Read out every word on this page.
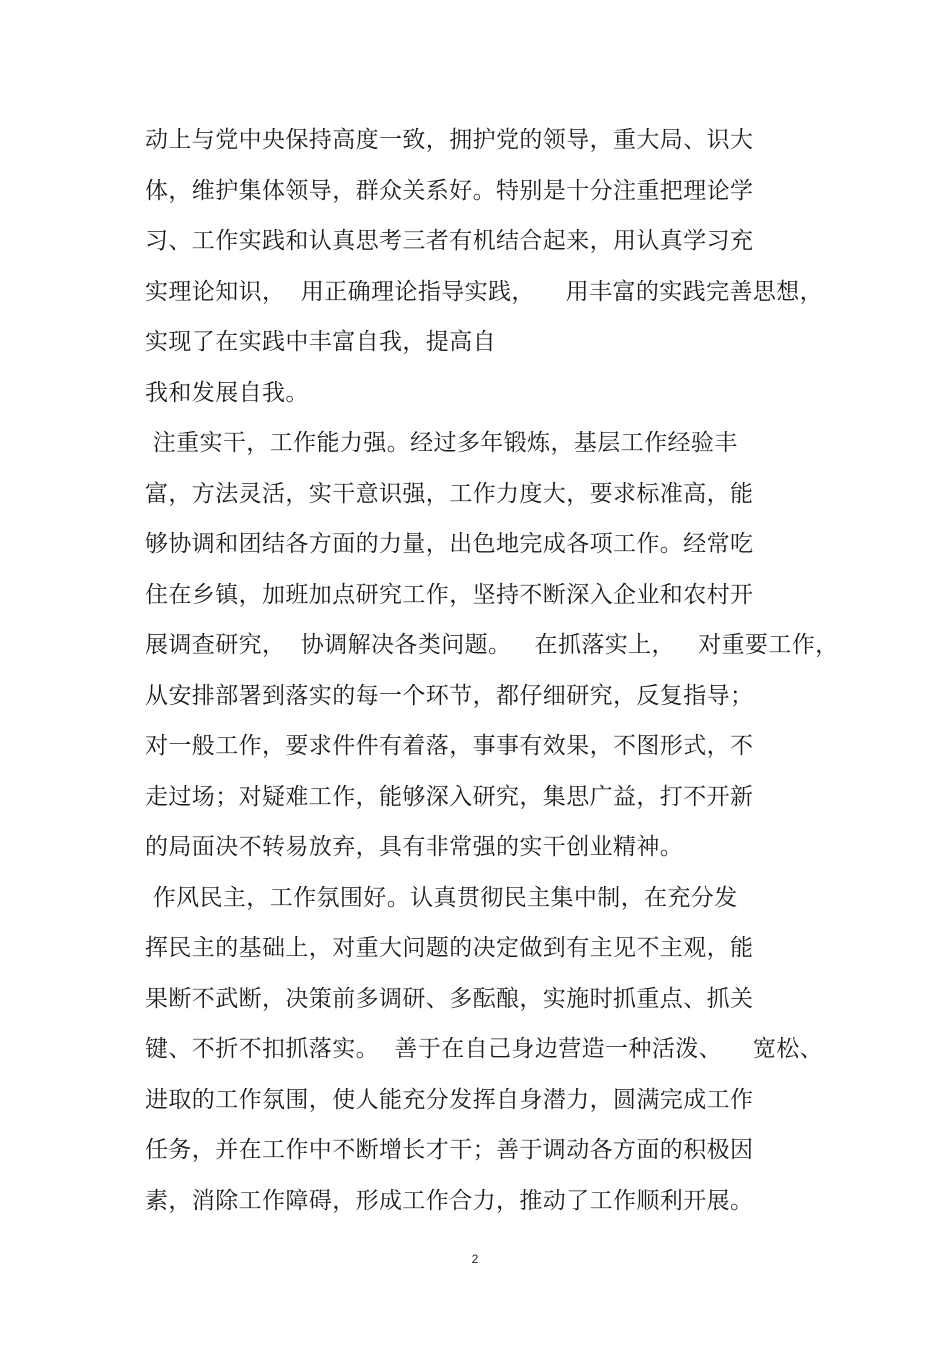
动上与党中央保持高度一致，拥护党的领导，重大局、识大
体，维护集体领导，群众关系好。特别是十分注重把理论学
习、工作实践和认真思考三者有机结合起来，用认真学习充
实理论知识，  用正确理论指导实践，    用丰富的实践完善思想，
实现了在实践中丰富自我，提高自
我和发展自我。
注重实干，工作能力强。经过多年锻炼，基层工作经验丰
富，方法灵活，实干意识强，工作力度大，要求标准高，能
够协调和团结各方面的力量，出色地完成各项工作。经常吃
住在乡镇，加班加点研究工作，坚持不断深入企业和农村开
展调查研究，  协调解决各类问题。   在抓落实上，   对重要工作，
从安排部署到落实的每一个环节，都仔细研究，反复指导；
对一般工作，要求件件有着落，事事有效果，不图形式，不
走过场；对疑难工作，能够深入研究，集思广益，打不开新
的局面决不转易放弃，具有非常强的实干创业精神。
作风民主，工作氛围好。认真贯彻民主集中制，在充分发
挥民主的基础上，对重大问题的决定做到有主见不主观，能
果断不武断，决策前多调研、多酝酿，实施时抓重点、抓关
键、不折不扣抓落实。  善于在自己身边营造一种活泼、    宽松、
进取的工作氛围，使人能充分发挥自身潜力，圆满完成工作
任务，并在工作中不断增长才干；善于调动各方面的积极因
素，消除工作障碍，形成工作合力，推动了工作顺利开展。
2
